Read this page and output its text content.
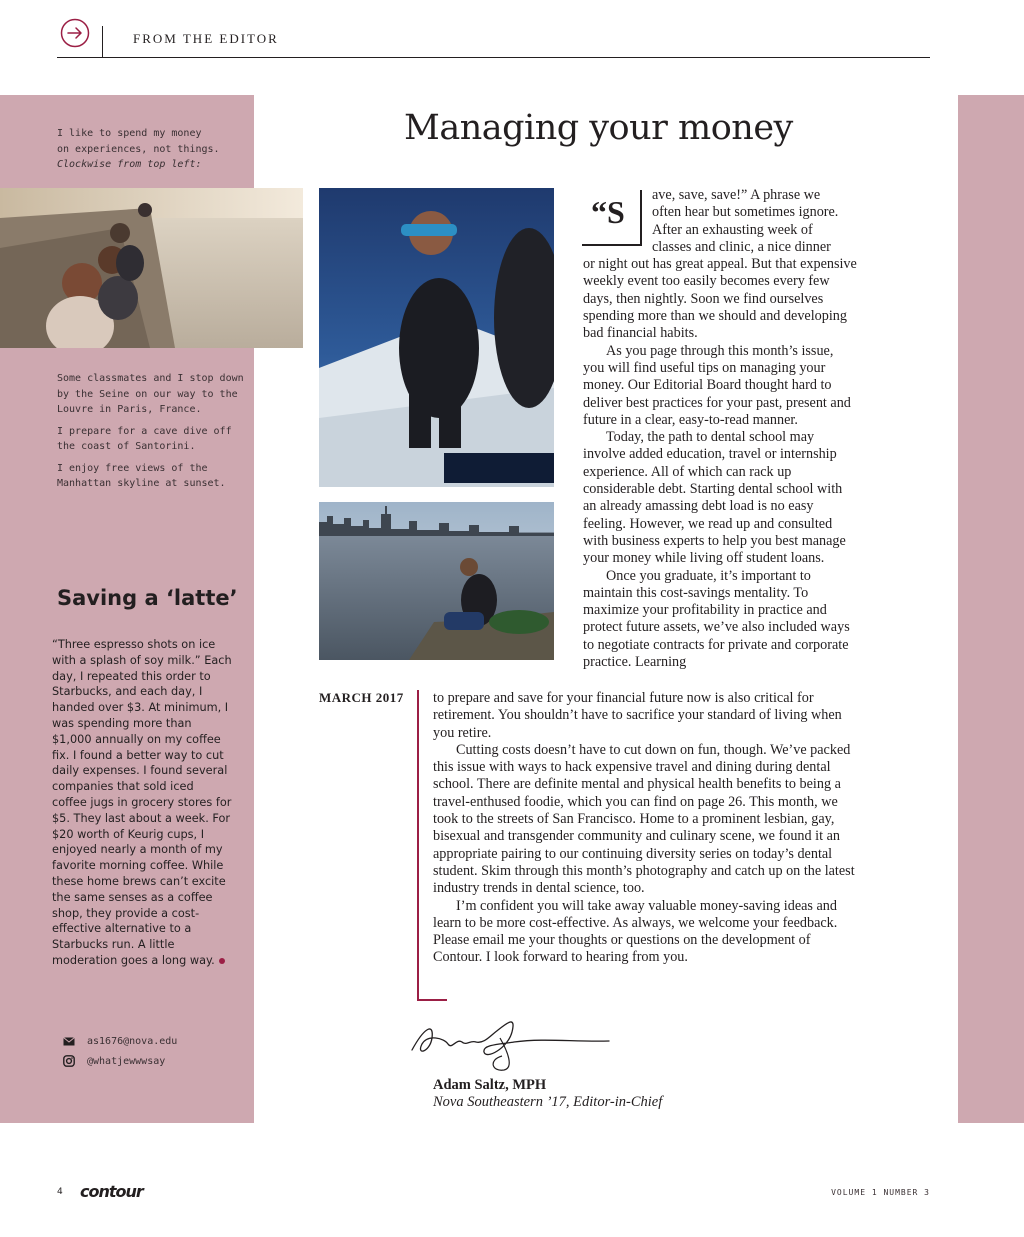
FROM THE EDITOR

I like to spend my money

on experiences, not things.

Clockwise from top left:

Some classmates and I stop down by the Seine on our way to the Louvre in Paris, France.

I prepare for a cave dive off the coast of Santorini.

I enjoy free views of the Manhattan skyline at sunset.

Saving a ‘latte’
“Three espresso shots on ice with a splash of soy milk.” Each day, I repeated this order to Starbucks, and each day, I handed over $3. At minimum, I was spending more than $1,000 annually on my coffee fix. I found a better way to cut daily expenses. I found several companies that sold iced coffee jugs in grocery stores for $5. They last about a week. For $20 worth of Keurig cups, I enjoyed nearly a month of my favorite morning coffee. While these home brews can’t excite the same senses as a coffee shop, they provide a cost-effective alternative to a Starbucks run. A little moderation goes a long way.
as1676@nova.edu
@whatjewwwsay
Managing your money
“S	ave, save, save!” A phrase we

often hear but sometimes ignore.

After an exhausting week of

classes and clinic, a nice dinner

or night out has great appeal. But that expensive weekly event too easily becomes every few days, then nightly. Soon we find ourselves spending more than we should and developing bad financial habits.

As you page through this month’s issue, you will find useful tips on managing your money. Our Editorial Board thought hard to deliver best practices for your past, present and future in a clear, easy-to-read manner.

Today, the path to dental school may involve added education, travel or internship experience. All of which can rack up considerable debt. Starting dental school with an already amassing debt load is no easy feeling. However, we read up and consulted with business experts to help you best manage your money while living off student loans.

Once you graduate, it’s important to maintain this cost-savings mentality. To maximize your profitability in practice and protect future assets, we’ve also included ways to negotiate contracts for private and corporate practice. Learning

MARCH 2017 to prepare and save for your financial future now is also critical for retirement. You shouldn’t have to sacrifice your standard of living when you retire.

Cutting costs doesn’t have to cut down on fun, though. We’ve packed this issue with ways to hack expensive travel and dining during dental school. There are definite mental and physical health benefits to being a travel-enthused foodie, which you can find on page 26. This month, we took to the streets of San Francisco. Home to a prominent lesbian, gay, bisexual and transgender community and culinary scene, we found it an appropriate pairing to our continuing diversity series on today’s dental student. Skim through this month’s photography and catch up on the latest industry trends in dental science, too.

I’m confident you will take away valuable money-saving ideas and learn to be more cost-effective. As always, we welcome your feedback. Please email me your thoughts or questions on the development of Contour. I look forward to hearing from you.

Adam Saltz, MPH
Nova Southeastern ’17, Editor-in-Chief
4 contour	VOLUME 1 NUMBER 3
